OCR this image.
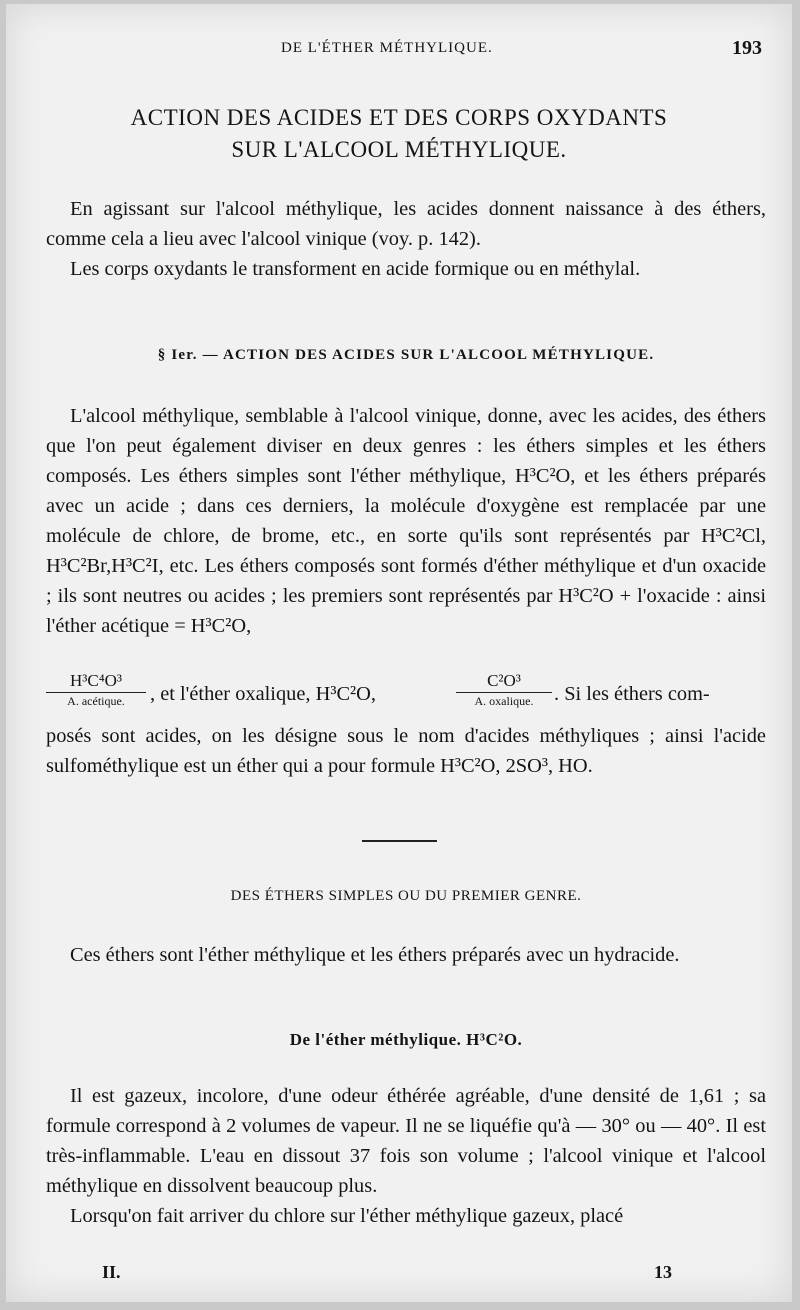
DE L'ÉTHER MÉTHYLIQUE.	193
ACTION DES ACIDES ET DES CORPS OXYDANTS
SUR L'ALCOOL MÉTHYLIQUE.

En agissant sur l'alcool méthylique, les acides donnent naissance à des éthers, comme cela a lieu avec l'alcool vinique (voy. p. 142).

Les corps oxydants le transforment en acide formique ou en méthylal.

§ Ier. — ACTION DES ACIDES SUR L'ALCOOL MÉTHYLIQUE.

L'alcool méthylique, semblable à l'alcool vinique, donne, avec les acides, des éthers que l'on peut également diviser en deux genres : les éthers simples et les éthers composés. Les éthers simples sont l'éther méthylique, H³C²O, et les éthers préparés avec un acide ; dans ces derniers, la molécule d'oxygène est remplacée par une molécule de chlore, de brome, etc., en sorte qu'ils sont représentés par H³C²Cl, H³C²Br,H³C²I, etc. Les éthers composés sont formés d'éther méthylique et d'un oxacide ; ils sont neutres ou acides ; les premiers sont représentés par H³C²O + l'oxacide : ainsi l'éther acétique = H³C²O,

H³C⁴O³
A. acétique.	, et l'éther oxalique, H³C²O,
C²O³
A. oxalique.	. Si les éthers com-

posés sont acides, on les désigne sous le nom d'acides méthyliques ; ainsi l'acide sulfométhylique est un éther qui a pour formule H³C²O, 2SO³, HO.

DES ÉTHERS SIMPLES OU DU PREMIER GENRE.

Ces éthers sont l'éther méthylique et les éthers préparés avec un hydracide.

De l'éther méthylique. H³C²O.

Il est gazeux, incolore, d'une odeur éthérée agréable, d'une densité de 1,61 ; sa formule correspond à 2 volumes de vapeur. Il ne se liquéfie qu'à — 30° ou — 40°. Il est très-inflammable. L'eau en dissout 37 fois son volume ; l'alcool vinique et l'alcool méthylique en dissolvent beaucoup plus.

Lorsqu'on fait arriver du chlore sur l'éther méthylique gazeux, placé

II.	13
